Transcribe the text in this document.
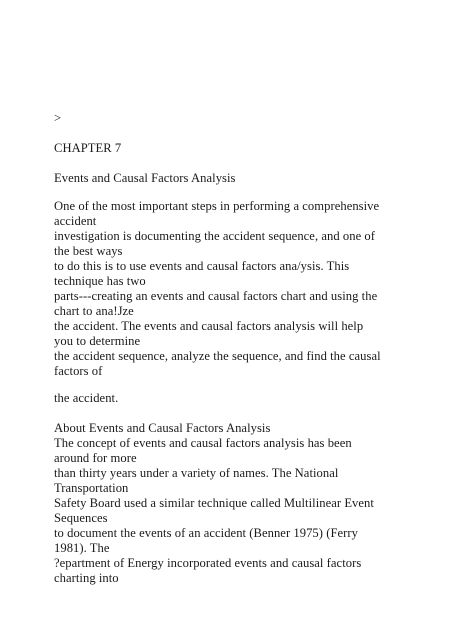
>
CHAPTER 7
Events and Causal Factors Analysis
One of the most important steps in performing a comprehensive
accident
investigation is documenting the accident sequence, and one of
the best ways
to do this is to use events and causal factors ana/ysis. This
technique has two
parts---creating an events and causal factors chart and using the
chart to ana!Jze
the accident. The events and causal factors analysis will help
you to determine
the accident sequence, analyze the sequence, and find the causal
factors of
the accident.
About Events and Causal Factors Analysis
The concept of events and causal factors analysis has been
around for more
than thirty years under a variety of names. The National
Transportation
Safety Board used a similar technique called Multilinear Event
Sequences
to document the events of an accident (Benner 1975) (Ferry
1981). The
?epartment of Energy incorporated events and causal factors
charting into
